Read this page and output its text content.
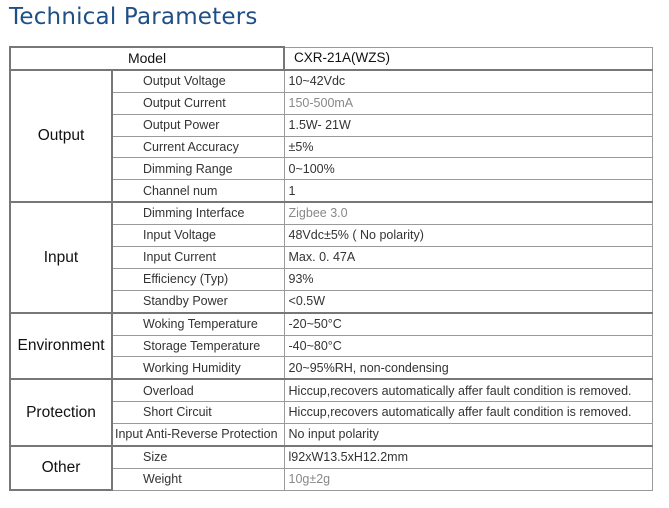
Technical Parameters
Model		CXR-21A(WZS)
Output	Output Voltage	10~42Vdc
	Output Current	150-500mA
	Output Power	1.5W- 21W
	Current Accuracy	±5%
	Dimming Range	0~100%
	Channel num	1
Input	Dimming Interface	Zigbee 3.0
	Input Voltage	48Vdc±5% ( No polarity)
	Input Current	Max. 0. 47A
	Efficiency (Typ)	93%
	Standby Power	<0.5W
Environment	Woking Temperature	-20~50°C
	Storage Temperature	-40~80°C
	Working Humidity	20~95%RH, non-condensing
Protection	Overload	Hiccup,recovers automatically affer fault condition is removed.
	Short Circuit	Hiccup,recovers automatically affer fault condition is removed.
	Input Anti-Reverse Protection	No input polarity
Other	Size	l92xW13.5xH12.2mm
	Weight	10g±2g
